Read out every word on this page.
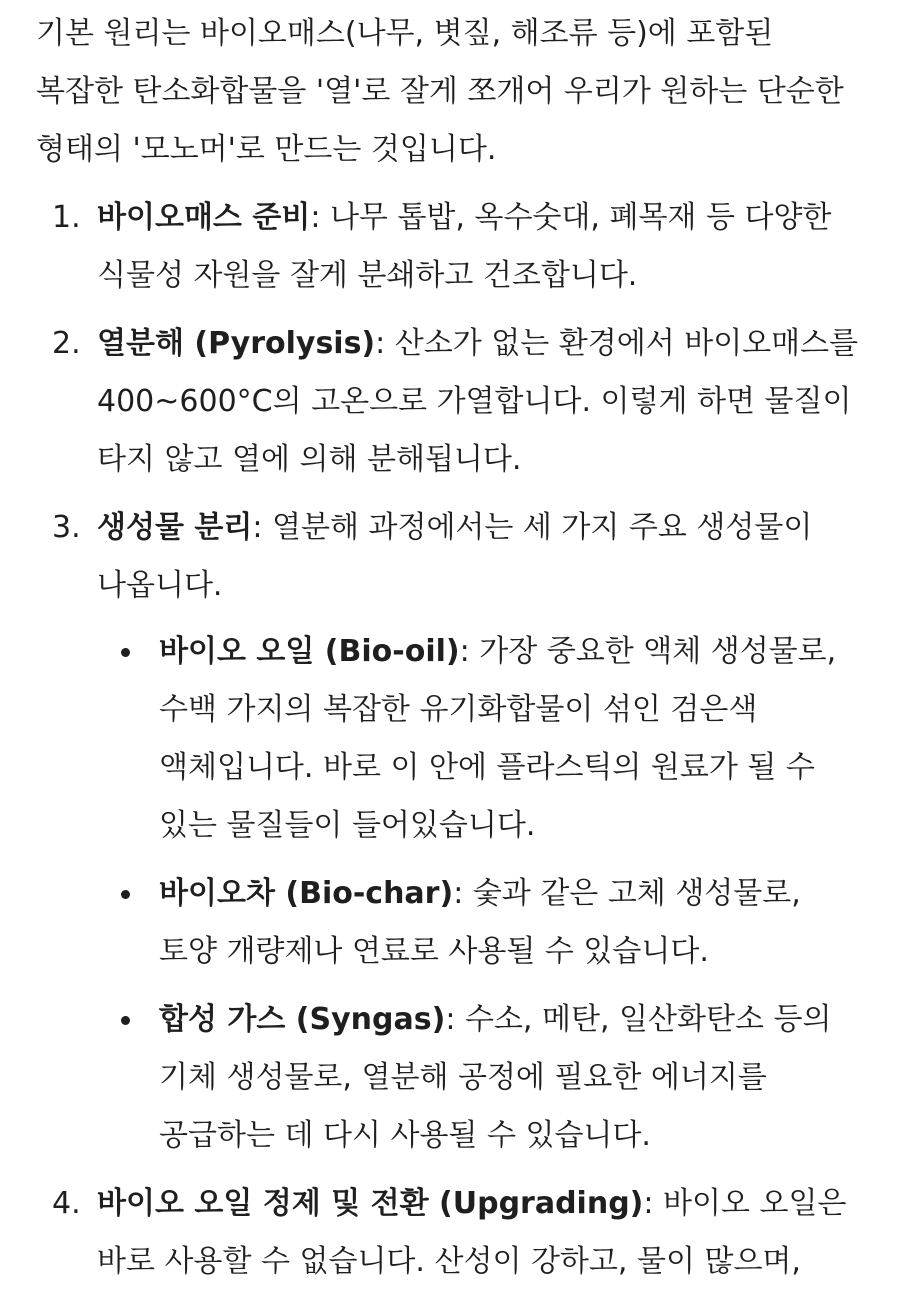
기본 원리는 바이오매스(나무, 볏짚, 해조류 등)에 포함된 복잡한 탄소화합물을 '열'로 잘게 쪼개어 우리가 원하는 단순한 형태의 '모노머'로 만드는 것입니다.

1. 바이오매스 준비: 나무 톱밥, 옥수숫대, 폐목재 등 다양한 식물성 자원을 잘게 분쇄하고 건조합니다.
2. 열분해 (Pyrolysis): 산소가 없는 환경에서 바이오매스를 400~600°C의 고온으로 가열합니다. 이렇게 하면 물질이 타지 않고 열에 의해 분해됩니다.
3. 생성물 분리: 열분해 과정에서는 세 가지 주요 생성물이 나옵니다.
바이오 오일 (Bio-oil): 가장 중요한 액체 생성물로, 수백 가지의 복잡한 유기화합물이 섞인 검은색 액체입니다. 바로 이 안에 플라스틱의 원료가 될 수 있는 물질들이 들어있습니다.
바이오차 (Bio-char): 숯과 같은 고체 생성물로, 토양 개량제나 연료로 사용될 수 있습니다.
합성 가스 (Syngas): 수소, 메탄, 일산화탄소 등의 기체 생성물로, 열분해 공정에 필요한 에너지를 공급하는 데 다시 사용될 수 있습니다.
4. 바이오 오일 정제 및 전환 (Upgrading): 바이오 오일은 바로 사용할 수 없습니다. 산성이 강하고, 물이 많으며,
